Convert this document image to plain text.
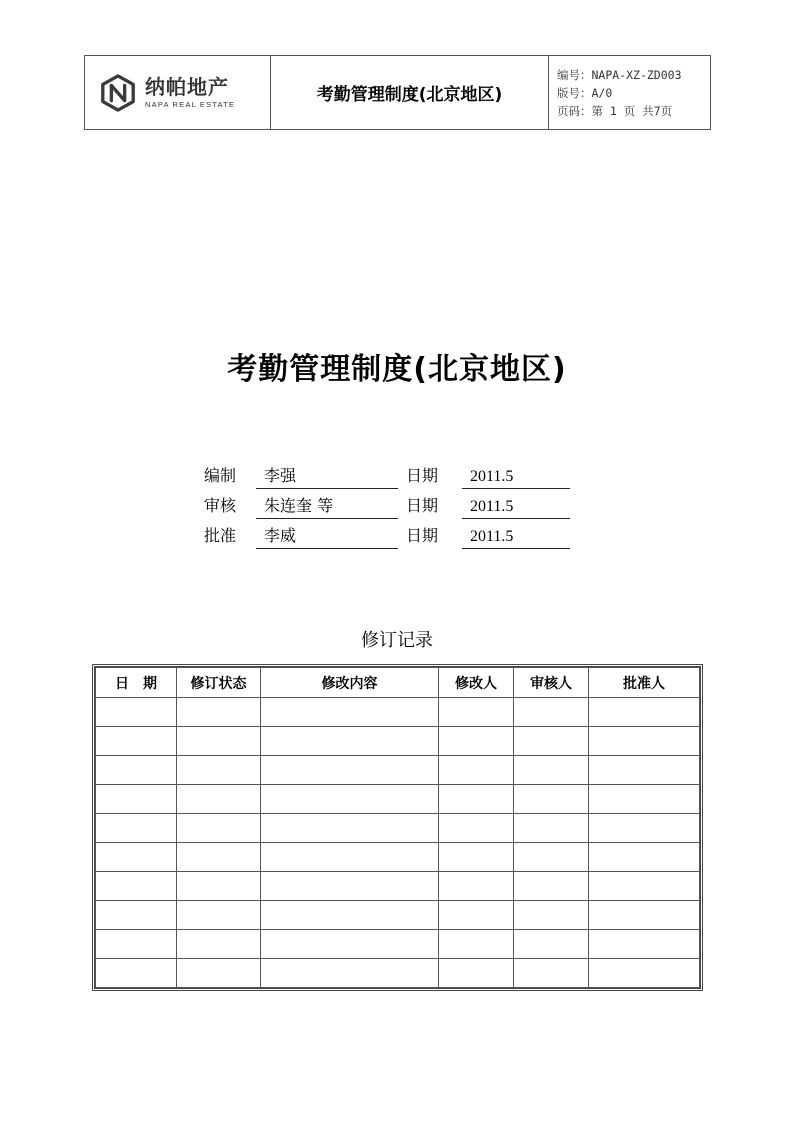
纳帕地产
NAPA REAL ESTATE	考勤管理制度(北京地区)
编号：NAPA-XZ-ZD003
版号：A/0
页码：第 1 页 共7页
考勤管理制度(北京地区)
编制	李强	日期	2011.5
审核	朱连奎 等	日期	2011.5
批准	李威	日期	2011.5
修订记录
日　期	修订状态	修改内容	修改人	审核人	批准人
